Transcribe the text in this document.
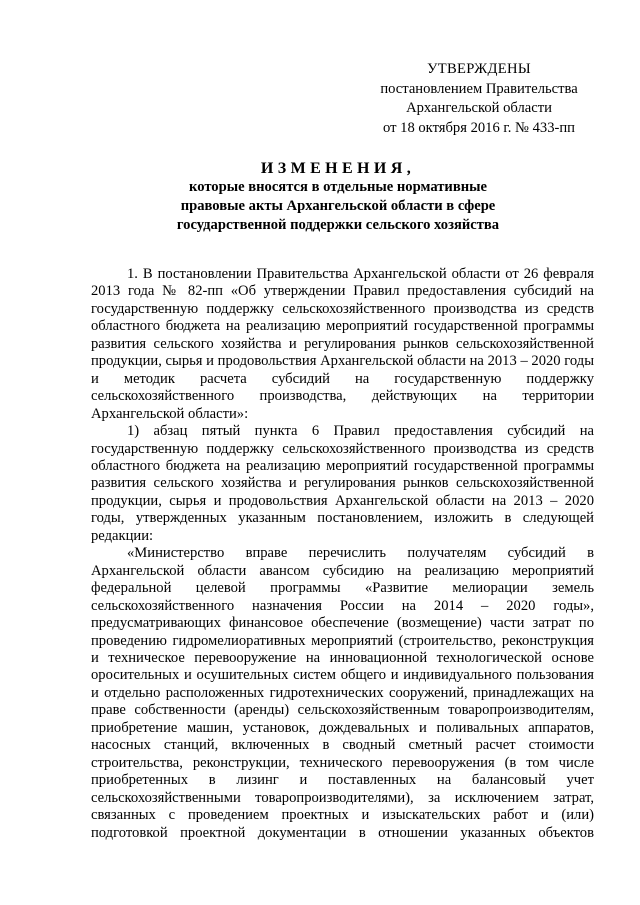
УТВЕРЖДЕНЫ
постановлением Правительства
Архангельской области
от 18 октября 2016 г. № 433-пп
ИЗМЕНЕНИЯ,
которые вносятся в отдельные нормативные
правовые акты Архангельской области в сфере
государственной поддержки сельского хозяйства

1. В постановлении Правительства Архангельской области от 26 февраля 2013 года № 82-пп «Об утверждении Правил предоставления субсидий на государственную поддержку сельскохозяйственного производства из средств областного бюджета на реализацию мероприятий государственной программы развития сельского хозяйства и регулирования рынков сельскохозяйственной продукции, сырья и продовольствия Архангельской области на 2013 – 2020 годы и методик расчета субсидий на государственную поддержку сельскохозяйственного производства, действующих на территории Архангельской области»:

1) абзац пятый пункта 6 Правил предоставления субсидий на государственную поддержку сельскохозяйственного производства из средств областного бюджета на реализацию мероприятий государственной программы развития сельского хозяйства и регулирования рынков сельскохозяйственной продукции, сырья и продовольствия Архангельской области на 2013 – 2020 годы, утвержденных указанным постановлением, изложить в следующей редакции:

«Министерство вправе перечислить получателям субсидий в Архангельской области авансом субсидию на реализацию мероприятий федеральной целевой программы «Развитие мелиорации земель сельскохозяйственного назначения России на 2014 – 2020 годы», предусматривающих финансовое обеспечение (возмещение) части затрат по проведению гидромелиоративных мероприятий (строительство, реконструкция и техническое перевооружение на инновационной технологической основе оросительных и осушительных систем общего и индивидуального пользования и отдельно расположенных гидротехнических сооружений, принадлежащих на праве собственности (аренды) сельскохозяйственным товаропроизводителям, приобретение машин, установок, дождевальных и поливальных аппаратов, насосных станций, включенных в сводный сметный расчет стоимости строительства, реконструкции, технического перевооружения (в том числе приобретенных в лизинг и поставленных на балансовый учет сельскохозяйственными товаропроизводителями), за исключением затрат, связанных с проведением проектных и изыскательских работ и (или) подготовкой проектной документации в отношении указанных объектов
